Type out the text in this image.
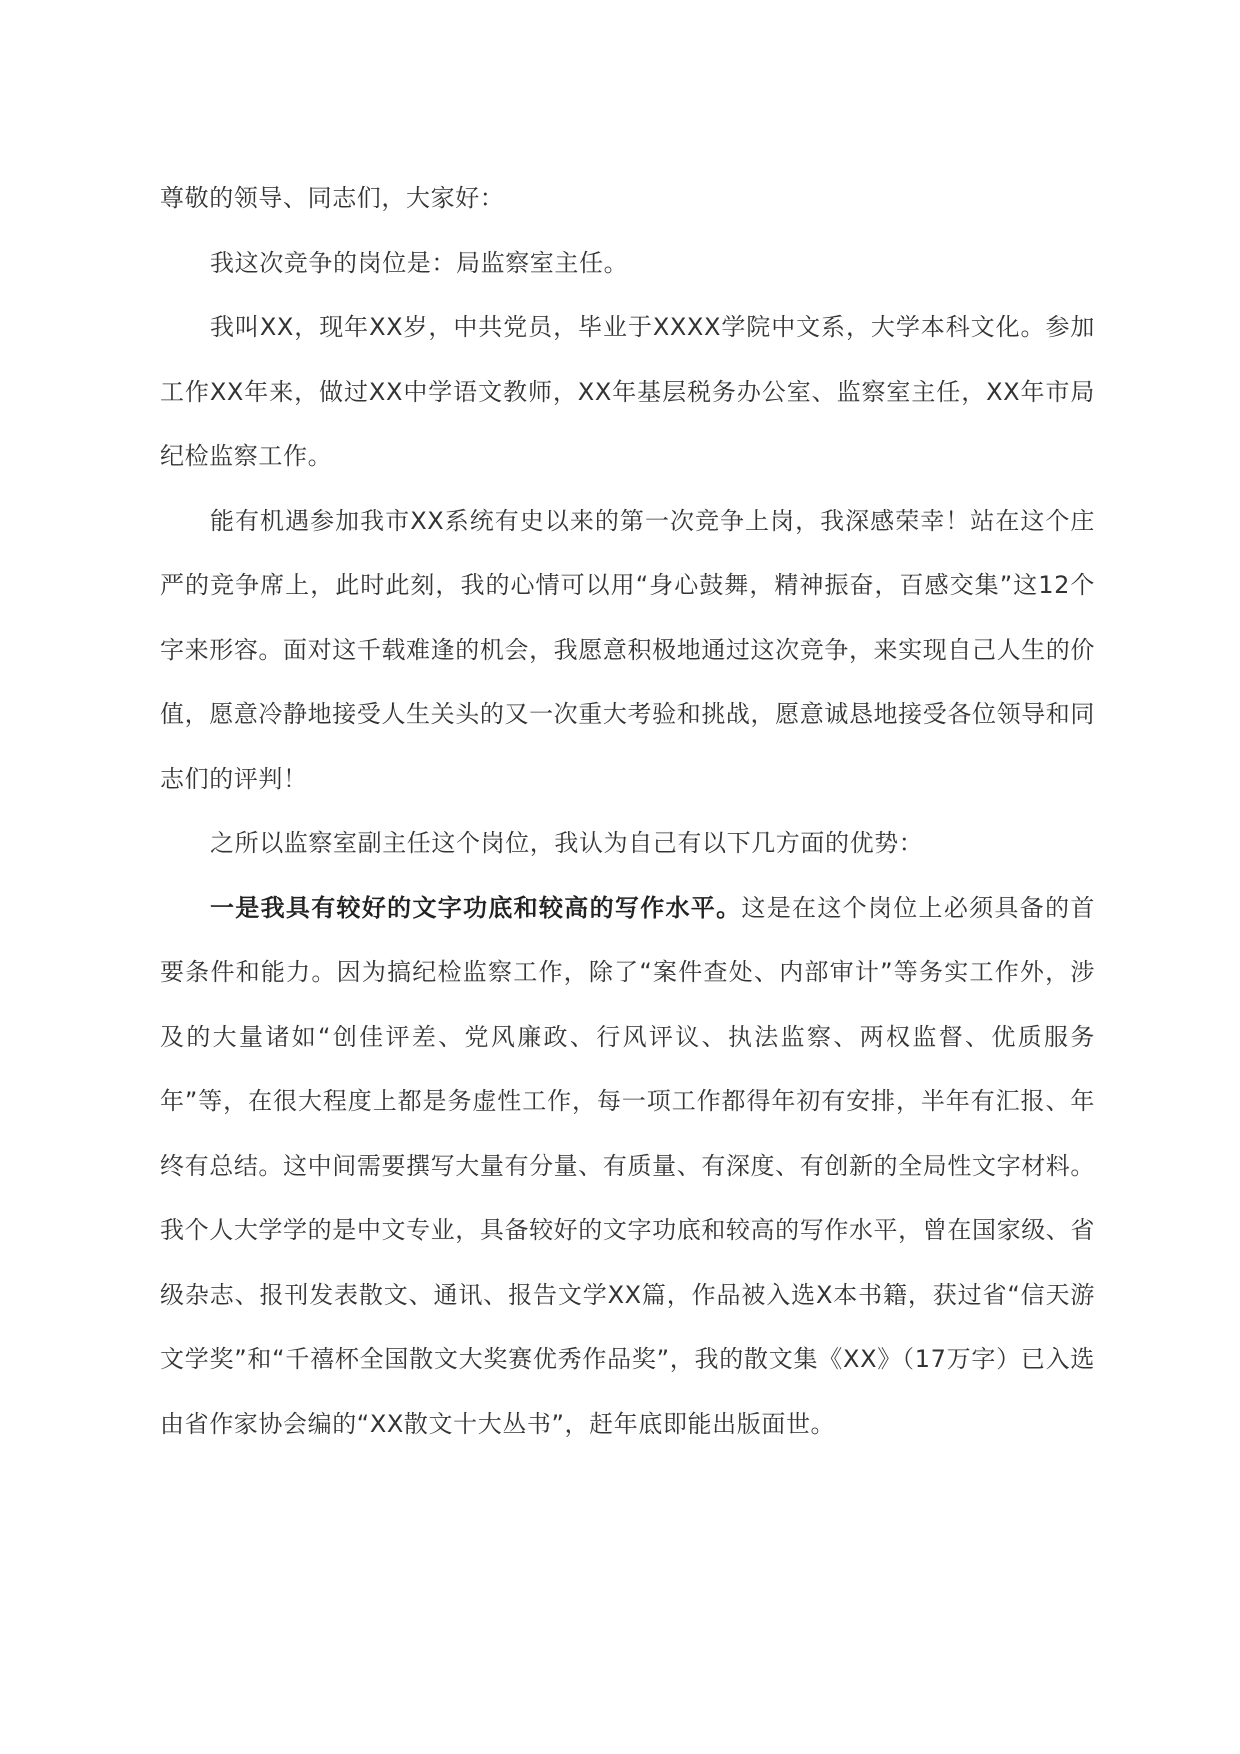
尊敬的领导、同志们，大家好：

我这次竞争的岗位是：局监察室主任。

我叫XX，现年XX岁，中共党员，毕业于XXXX学院中文系，大学本科文化。参加工作XX年来，做过XX中学语文教师，XX年基层税务办公室、监察室主任，XX年市局纪检监察工作。

能有机遇参加我市XX系统有史以来的第一次竞争上岗，我深感荣幸！站在这个庄严的竞争席上，此时此刻，我的心情可以用“身心鼓舞，精神振奋，百感交集”这12个字来形容。面对这千载难逢的机会，我愿意积极地通过这次竞争，来实现自己人生的价值，愿意冷静地接受人生关头的又一次重大考验和挑战，愿意诚恳地接受各位领导和同志们的评判！

之所以监察室副主任这个岗位，我认为自己有以下几方面的优势：

一是我具有较好的文字功底和较高的写作水平。这是在这个岗位上必须具备的首要条件和能力。因为搞纪检监察工作，除了“案件查处、内部审计”等务实工作外，涉及的大量诸如“创佳评差、党风廉政、行风评议、执法监察、两权监督、优质服务年”等，在很大程度上都是务虚性工作，每一项工作都得年初有安排，半年有汇报、年终有总结。这中间需要撰写大量有分量、有质量、有深度、有创新的全局性文字材料。我个人大学学的是中文专业，具备较好的文字功底和较高的写作水平，曾在国家级、省级杂志、报刊发表散文、通讯、报告文学XX篇，作品被入选X本书籍，获过省“信天游文学奖”和“千禧杯全国散文大奖赛优秀作品奖”，我的散文集《XX》（17万字）已入选由省作家协会编的“XX散文十大丛书”，赶年底即能出版面世。
